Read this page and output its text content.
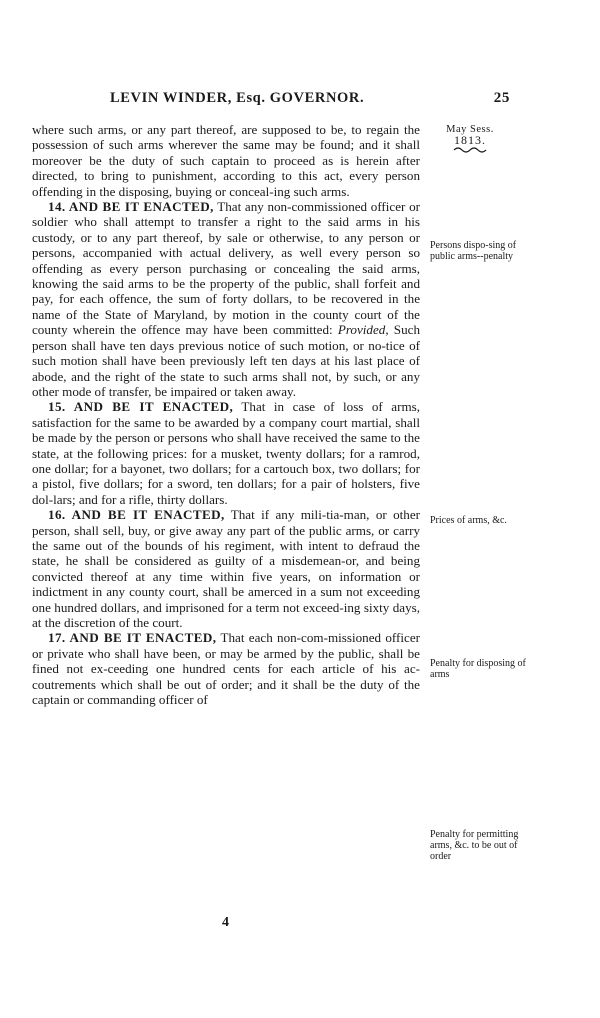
LEVIN WINDER, Esq. GOVERNOR.	25
May Sess.
1813.

where such arms, or any part thereof, are supposed to be, to regain the possession of such arms wherever the same may be found; and it shall moreover be the duty of such captain to proceed as is herein after directed, to bring to punishment, according to this act, every person offending in the disposing, buying or conceal-ing such arms.

14. AND BE IT ENACTED, That any non-commissioned officer or soldier who shall attempt to transfer a right to the said arms in his custody, or to any part thereof, by sale or otherwise, to any person or persons, accompanied with actual delivery, as well every person so offending as every person purchasing or concealing the said arms, knowing the said arms to be the property of the public, shall forfeit and pay, for each offence, the sum of forty dollars, to be recovered in the name of the State of Maryland, by motion in the county court of the county wherein the offence may have been committed: Provided, Such person shall have ten days previous notice of such motion, or no-tice of such motion shall have been previously left ten days at his last place of abode, and the right of the state to such arms shall not, by such, or any other mode of transfer, be impaired or taken away.

15. AND BE IT ENACTED, That in case of loss of arms, satisfaction for the same to be awarded by a company court martial, shall be made by the person or persons who shall have received the same to the state, at the following prices: for a musket, twenty dollars; for a ramrod, one dollar; for a bayonet, two dollars; for a cartouch box, two dollars; for a pistol, five dollars; for a sword, ten dollars; for a pair of holsters, five dol-lars; and for a rifle, thirty dollars.

16. AND BE IT ENACTED, That if any mili-tia-man, or other person, shall sell, buy, or give away any part of the public arms, or carry the same out of the bounds of his regiment, with intent to defraud the state, he shall be considered as guilty of a misdemean-or, and being convicted thereof at any time within five years, on information or indictment in any county court, shall be amerced in a sum not exceeding one hundred dollars, and imprisoned for a term not exceed-ing sixty days, at the discretion of the court.

17. AND BE IT ENACTED, That each non-com-missioned officer or private who shall have been, or may be armed by the public, shall be fined not ex-ceeding one hundred cents for each article of his ac-coutrements which shall be out of order; and it shall be the duty of the captain or commanding officer of

Persons dispo-sing of public arms--penalty
Prices of arms, &c.
Penalty for disposing of arms
Penalty for permitting arms, &c. to be out of order
4
